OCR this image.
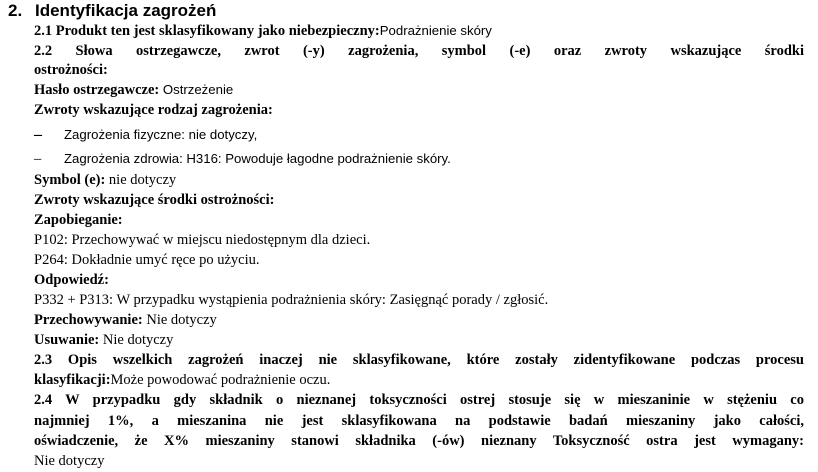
2. Identyfikacja zagrożeń
2.1 Produkt ten jest sklasyfikowany jako niebezpieczny:Podrażnienie skóry
2.2 Słowa ostrzegawcze, zwrot (-y) zagrożenia, symbol (-e) oraz zwroty wskazujące środki
ostrożności:
Hasło ostrzegawcze: Ostrzeżenie
Zwroty wskazujące rodzaj zagrożenia:
–	Zagrożenia fizyczne: nie dotyczy,
–	Zagrożenia zdrowia: H316: Powoduje łagodne podrażnienie skóry.
Symbol (e): nie dotyczy
Zwroty wskazujące środki ostrożności:
Zapobieganie:
P102: Przechowywać w miejscu niedostępnym dla dzieci.
P264: Dokładnie umyć ręce po użyciu.
Odpowiedź:
P332 + P313: W przypadku wystąpienia podrażnienia skóry: Zasięgnąć porady / zgłosić.
Przechowywanie: Nie dotyczy
Usuwanie: Nie dotyczy
2.3 Opis wszelkich zagrożeń inaczej nie sklasyfikowane, które zostały zidentyfikowane podczas procesu
klasyfikacji:Może powodować podrażnienie oczu.
2.4 W przypadku gdy składnik o nieznanej toksyczności ostrej stosuje się w mieszaninie w stężeniu co
najmniej 1%, a mieszanina nie jest sklasyfikowana na podstawie badań mieszaniny jako całości,
oświadczenie, że X% mieszaniny stanowi składnika (-ów) nieznany Toksyczność ostra jest wymagany:
Nie dotyczy
